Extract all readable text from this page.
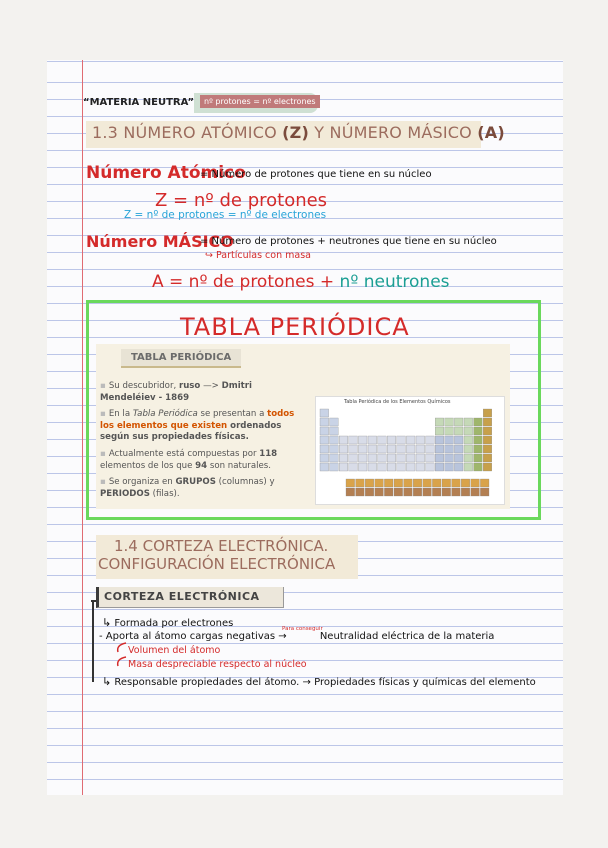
“MATERIA NEUTRA”	nº protones = nº electrones
1.3 NÚMERO ATÓMICO (Z) Y NÚMERO MÁSICO (A)
Número Atómico
= Número de protones que tiene en su núcleo
Z = nº de protones
Z = nº de protones = nº de electrones
Número MÁSICO
= Número de protones + neutrones que tiene en su núcleo
↪ Partículas con masa
A = nº de protones + nº neutrones
TABLA PERIÓDICA
TABLA PERIÓDICA
▪ Su descubridor, ruso —> Dmitri Mendeléiev - 1869
▪ En la Tabla Periódica se presentan a todos los elementos que existen ordenados según sus propiedades físicas.
▪ Actualmente está compuestas por 118 elementos de los que 94 son naturales.
▪ Se organiza en GRUPOS (columnas) y PERIODOS (filas).
Tabla Periódica de los Elementos Químicos
1.4 CORTEZA ELECTRÓNICA.
CONFIGURACIÓN ELECTRÓNICA
CORTEZA ELECTRÓNICA
↳ Formada por electrones
- Aporta al átomo cargas negativas →	Neutralidad eléctrica de la materia
Para conseguir
Volumen del átomo
Masa despreciable respecto al núcleo
↳ Responsable propiedades del átomo. → Propiedades físicas y químicas del elemento
